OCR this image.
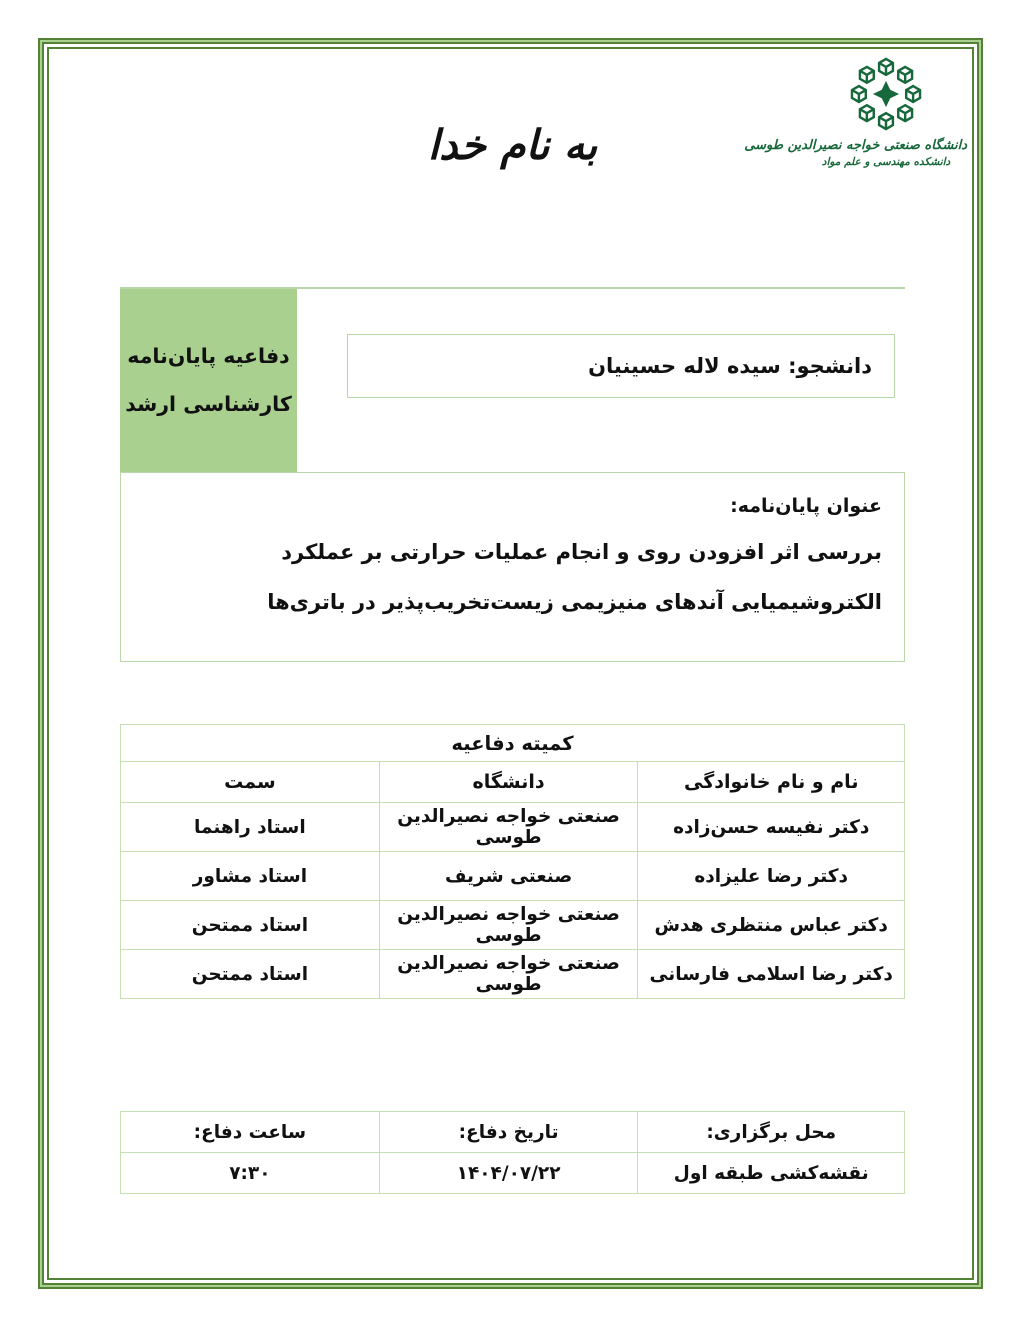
دانشگاه صنعتی خواجه نصیرالدین طوسی
دانشکده مهندسی و علم مواد
به نام خدا
دانشجو: سیده لاله حسینیان
دفاعیه پایان‌نامه
کارشناسی ارشد
عنوان پایان‌نامه:
بررسی اثر افزودن روی و انجام عملیات حرارتی بر عملکرد الکتروشیمیایی آندهای منیزیمی زیست‌تخریب‌پذیر در باتری‌ها
کمیته دفاعیه		
نام و نام خانوادگی	دانشگاه	سمت
دکتر نفیسه حسن‌زاده	صنعتی خواجه نصیرالدین طوسی	استاد راهنما
دکتر رضا علیزاده	صنعتی شریف	استاد مشاور
دکتر عباس منتظری هدش	صنعتی خواجه نصیرالدین طوسی	استاد ممتحن
دکتر رضا اسلامی فارسانی	صنعتی خواجه نصیرالدین طوسی	استاد ممتحن
محل برگزاری:	تاریخ دفاع:	ساعت دفاع:
نقشه‌کشی طبقه اول	۱۴۰۴/۰۷/۲۲	۷:۳۰
